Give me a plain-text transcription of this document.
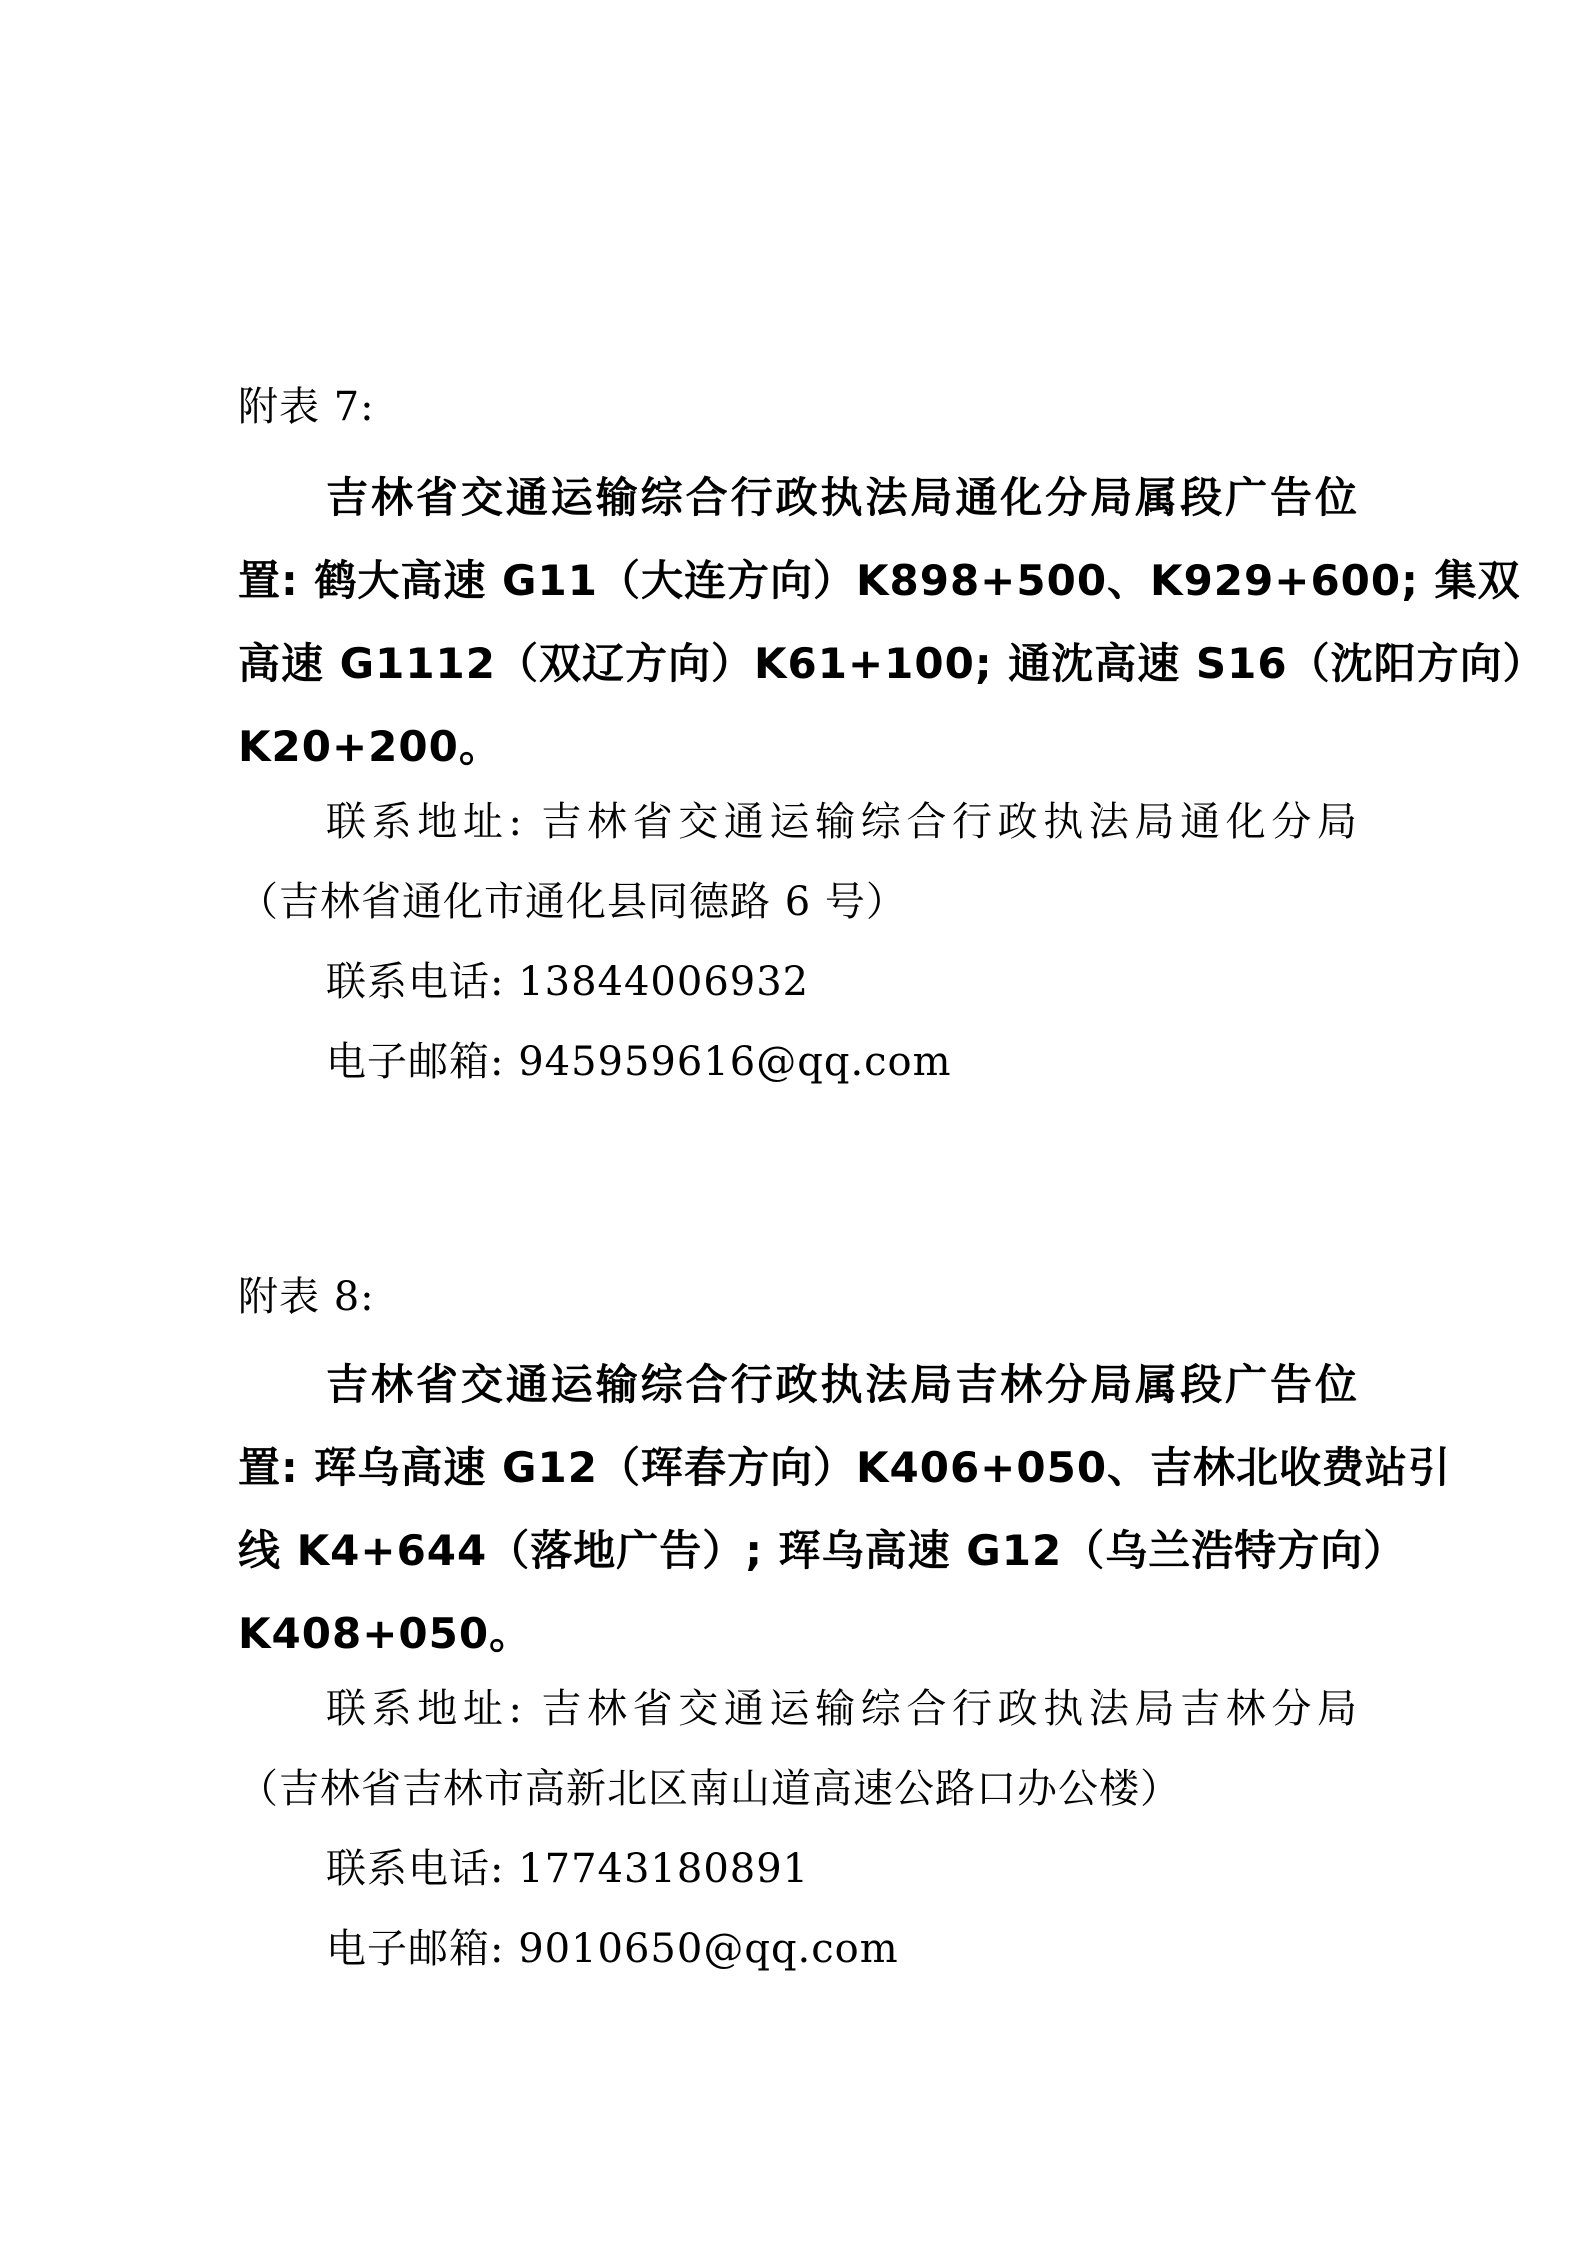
附表 7:
吉林省交通运输综合行政执法局通化分局属段广告位
置: 鹤大高速 G11（大连方向）K898+500、K929+600; 集双
高速 G1112（双辽方向）K61+100; 通沈高速 S16（沈阳方向）
K20+200。
联系地址: 吉林省交通运输综合行政执法局通化分局
（吉林省通化市通化县同德路 6 号）
联系电话: 13844006932
电子邮箱: 945959616@qq.com
附表 8:
吉林省交通运输综合行政执法局吉林分局属段广告位
置: 珲乌高速 G12（珲春方向）K406+050、吉林北收费站引
线 K4+644（落地广告）; 珲乌高速 G12（乌兰浩特方向）
K408+050。
联系地址: 吉林省交通运输综合行政执法局吉林分局
（吉林省吉林市高新北区南山道高速公路口办公楼）
联系电话: 17743180891
电子邮箱: 9010650@qq.com
